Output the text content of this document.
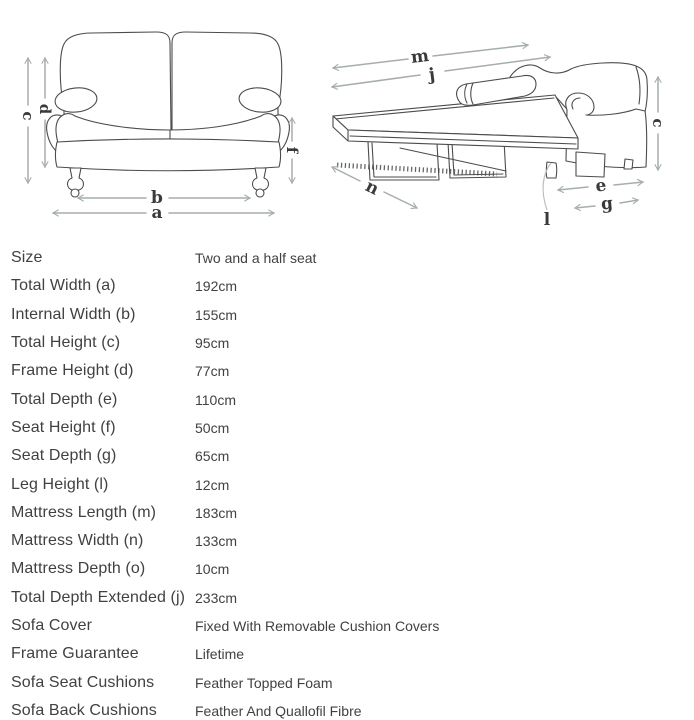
c
d
f
b
a
m
j
n	e
g
c
l
Size	Two and a half seat
Total Width (a)	192cm
Internal Width (b)	155cm
Total Height (c)	95cm
Frame Height (d)	77cm
Total Depth (e)	110cm
Seat Height (f)	50cm
Seat Depth (g)	65cm
Leg Height (l)	12cm
Mattress Length (m)	183cm
Mattress Width (n)	133cm
Mattress Depth (o)	10cm
Total Depth Extended (j) 233cm
Sofa Cover	Fixed With Removable Cushion Covers
Frame Guarantee	Lifetime
Sofa Seat Cushions	Feather Topped Foam
Sofa Back Cushions	Feather And Quallofil Fibre
